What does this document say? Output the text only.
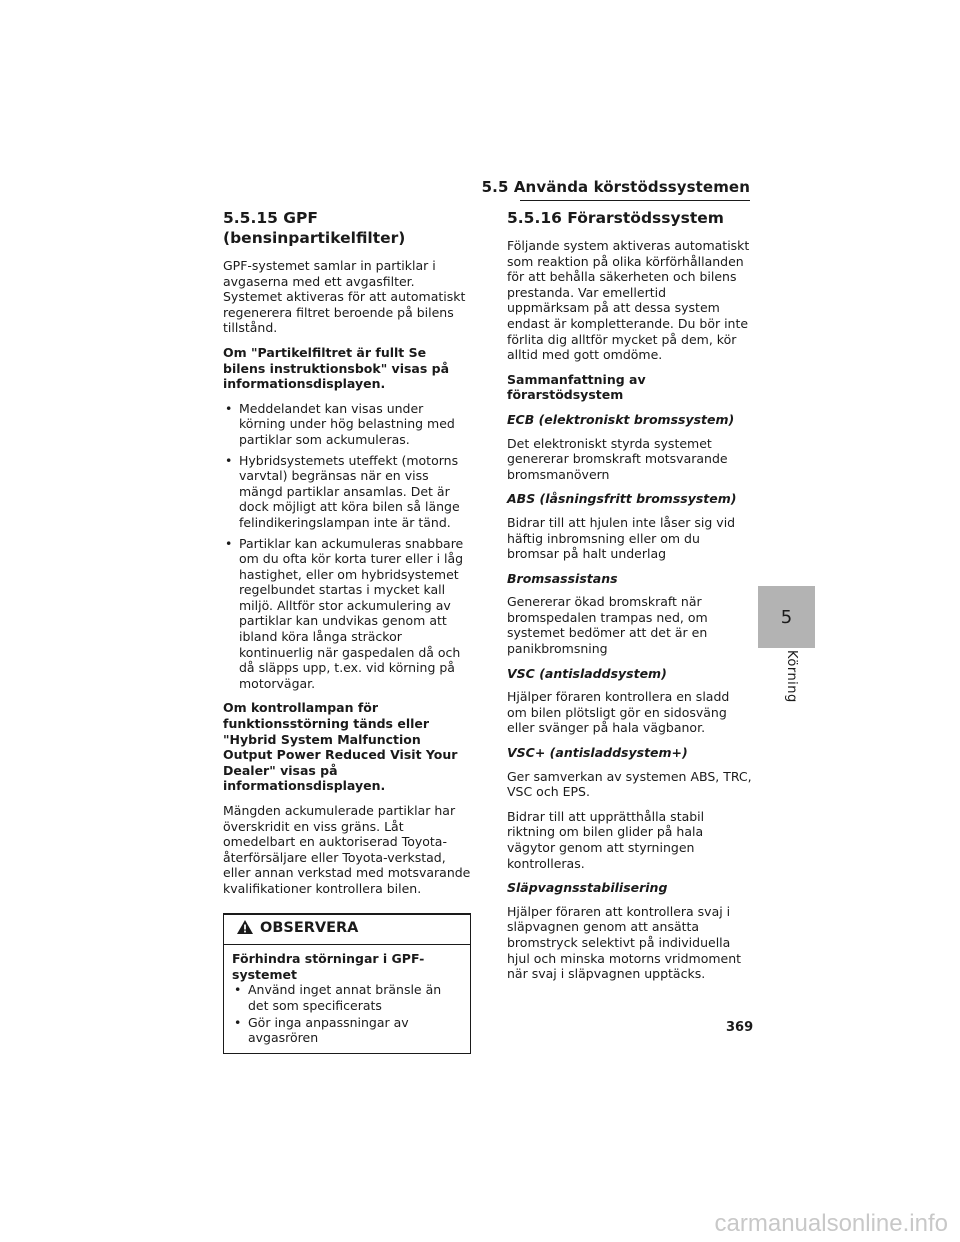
5.5 Använda körstödssystemen
5.5.15 GPF (bensinpartikelfilter)

GPF-systemet samlar in partiklar i avgaserna med ett avgasfilter. Systemet aktiveras för att automatiskt regenerera filtret beroende på bilens tillstånd.

Om "Partikelfiltret är fullt Se bilens instruktionsbok" visas på informationsdisplayen.

• Meddelandet kan visas under körning under hög belastning med partiklar som ackumuleras.
• Hybridsystemets uteffekt (motorns varvtal) begränsas när en viss mängd partiklar ansamlas. Det är dock möjligt att köra bilen så länge felindikeringslampan inte är tänd.
• Partiklar kan ackumuleras snabbare om du ofta kör korta turer eller i låg hastighet, eller om hybridsystemet regelbundet startas i mycket kall miljö. Alltför stor ackumulering av partiklar kan undvikas genom att ibland köra långa sträckor kontinuerlig när gaspedalen då och då släpps upp, t.ex. vid körning på motorvägar.

Om kontrollampan för funktionsstörning tänds eller "Hybrid System Malfunction Output Power Reduced Visit Your Dealer" visas på informationsdisplayen.

Mängden ackumulerade partiklar har överskridit en viss gräns. Låt omedelbart en auktoriserad Toyota-återförsäljare eller Toyota-verkstad, eller annan verkstad med motsvarande kvalifikationer kontrollera bilen.

OBSERVERA
Förhindra störningar i GPF-systemet
• Använd inget annat bränsle än det som specificerats
• Gör inga anpassningar av avgasrören
5.5.16 Förarstödssystem

Följande system aktiveras automatiskt som reaktion på olika körförhållanden för att behålla säkerheten och bilens prestanda. Var emellertid uppmärksam på att dessa system endast är kompletterande. Du bör inte förlita dig alltför mycket på dem, kör alltid med gott omdöme.

Sammanfattning av förarstödsystem

ECB (elektroniskt bromssystem)

Det elektroniskt styrda systemet genererar bromskraft motsvarande bromsmanövern

ABS (låsningsfritt bromssystem)

Bidrar till att hjulen inte låser sig vid häftig inbromsning eller om du bromsar på halt underlag

Bromsassistans

Genererar ökad bromskraft när bromspedalen trampas ned, om systemet bedömer att det är en panikbromsning

VSC (antisladdsystem)

Hjälper föraren kontrollera en sladd om bilen plötsligt gör en sidosväng eller svänger på hala vägbanor.

VSC+ (antisladdsystem+)

Ger samverkan av systemen ABS, TRC, VSC och EPS.

Bidrar till att upprätthålla stabil riktning om bilen glider på hala vägytor genom att styrningen kontrolleras.

Släpvagnsstabilisering

Hjälper föraren att kontrollera svaj i släpvagnen genom att ansätta bromstryck selektivt på individuella hjul och minska motorns vridmoment när svaj i släpvagnen upptäcks.

5
Körning
369
carmanualsonline.info
